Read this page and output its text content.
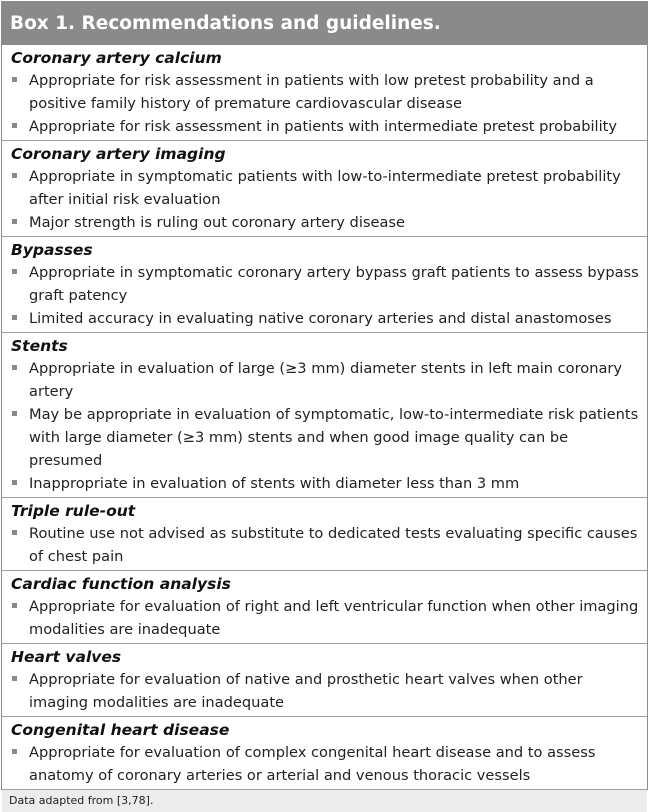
Box 1. Recommendations and guidelines.
Coronary artery calcium
Appropriate for risk assessment in patients with low pretest probability and a positive family history of premature cardiovascular disease
Appropriate for risk assessment in patients with intermediate pretest probability
Coronary artery imaging
Appropriate in symptomatic patients with low-to-intermediate pretest probability after initial risk evaluation
Major strength is ruling out coronary artery disease
Bypasses
Appropriate in symptomatic coronary artery bypass graft patients to assess bypass graft patency
Limited accuracy in evaluating native coronary arteries and distal anastomoses
Stents
Appropriate in evaluation of large (≥3 mm) diameter stents in left main coronary artery
May be appropriate in evaluation of symptomatic, low-to-intermediate risk patients with large diameter (≥3 mm) stents and when good image quality can be presumed
Inappropriate in evaluation of stents with diameter less than 3 mm
Triple rule-out
Routine use not advised as substitute to dedicated tests evaluating specific causes of chest pain
Cardiac function analysis
Appropriate for evaluation of right and left ventricular function when other imaging modalities are inadequate
Heart valves
Appropriate for evaluation of native and prosthetic heart valves when other imaging modalities are inadequate
Congenital heart disease
Appropriate for evaluation of complex congenital heart disease and to assess anatomy of coronary arteries or arterial and venous thoracic vessels
Data adapted from [3,78].
